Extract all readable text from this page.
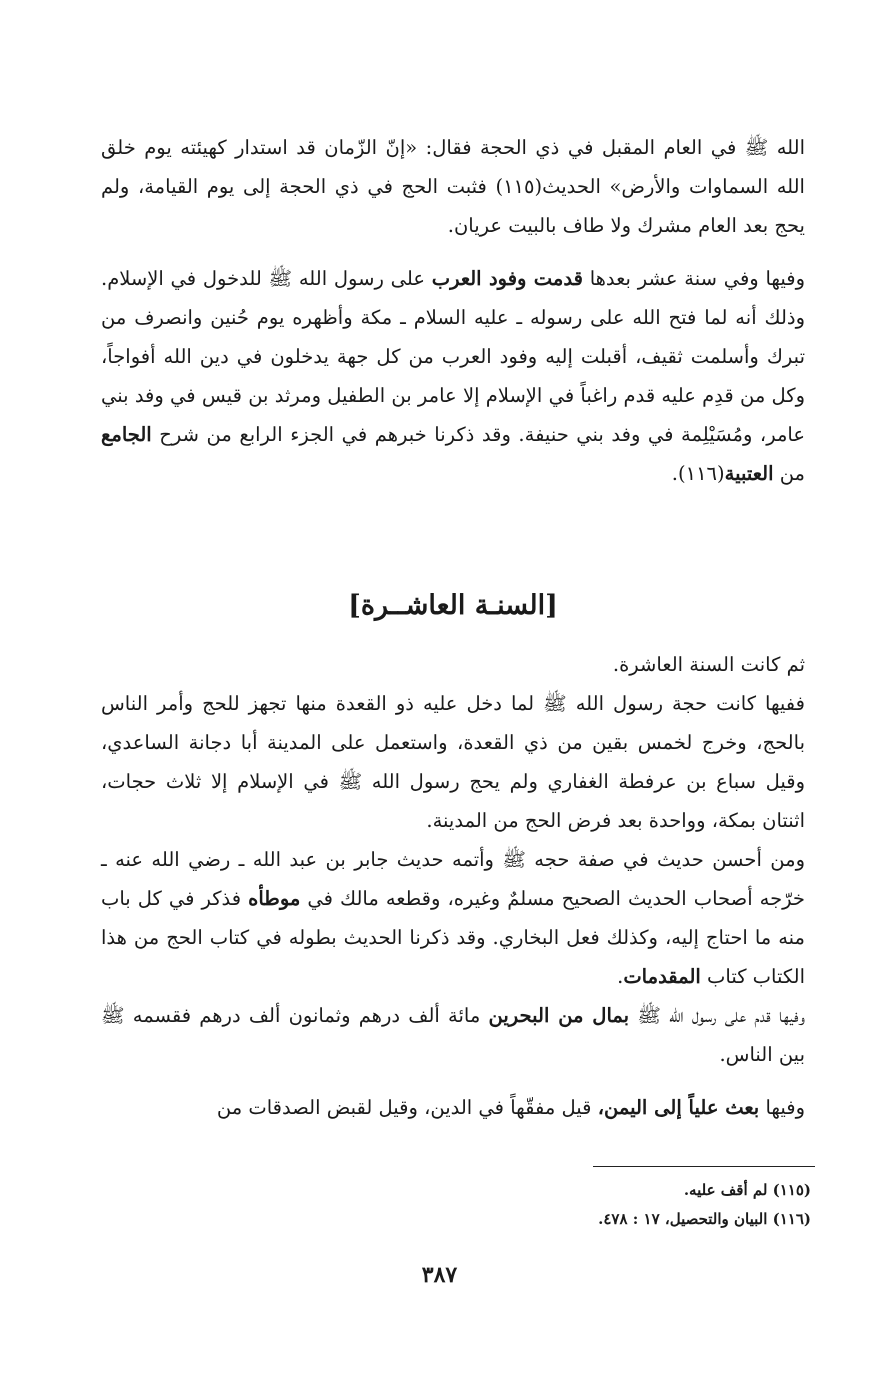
الله ﷺ في العام المقبل في ذي الحجة فقال: «إنّ الزّمان قد استدار كهيئته يوم خلق الله السماوات والأرض» الحديث(١١٥) فثبت الحج في ذي الحجة إلى يوم القيامة، ولم يحج بعد العام مشرك ولا طاف بالبيت عريان.

وفيها وفي سنة عشر بعدها قدمت وفود العرب على رسول الله ﷺ للدخول في الإسلام. وذلك أنه لما فتح الله على رسوله ـ عليه السلام ـ مكة وأظهره يوم حُنين وانصرف من تبرك وأسلمت ثقيف، أقبلت إليه وفود العرب من كل جهة يدخلون في دين الله أفواجاً، وكل من قدِم عليه قدم راغباً في الإسلام إلا عامر بن الطفيل ومرثد بن قيس في وفد بني عامر، ومُسَيْلِمة في وفد بني حنيفة. وقد ذكرنا خبرهم في الجزء الرابع من شرح الجامع من العتبية(١١٦).

[السنـة العاشــرة]

ثم كانت السنة العاشرة.

ففيها كانت حجة رسول الله ﷺ لما دخل عليه ذو القعدة منها تجهز للحج وأمر الناس بالحج، وخرج لخمس بقين من ذي القعدة، واستعمل على المدينة أبا دجانة الساعدي، وقيل سباع بن عرفطة الغفاري ولم يحج رسول الله ﷺ في الإسلام إلا ثلاث حجات، اثنتان بمكة، وواحدة بعد فرض الحج من المدينة.

ومن أحسن حديث في صفة حجه ﷺ وأتمه حديث جابر بن عبد الله ـ رضي الله عنه ـ خرّجه أصحاب الحديث الصحيح مسلمٌ وغيره، وقطعه مالك في موطأه فذكر في كل باب منه ما احتاج إليه، وكذلك فعل البخاري. وقد ذكرنا الحديث بطوله في كتاب الحج من هذا الكتاب كتاب المقدمات.

وفيها قدم على رسول الله ﷺ بمال من البحرين مائة ألف درهم وثمانون ألف درهم فقسمه ﷺ بين الناس.

وفيها بعث علياً إلى اليمن، قيل مفقّهاً في الدين، وقيل لقبض الصدقات من

(١١٥) لم أقف عليه.
(١١٦) البيان والتحصيل، ١٧ : ٤٧٨.
٣٨٧
